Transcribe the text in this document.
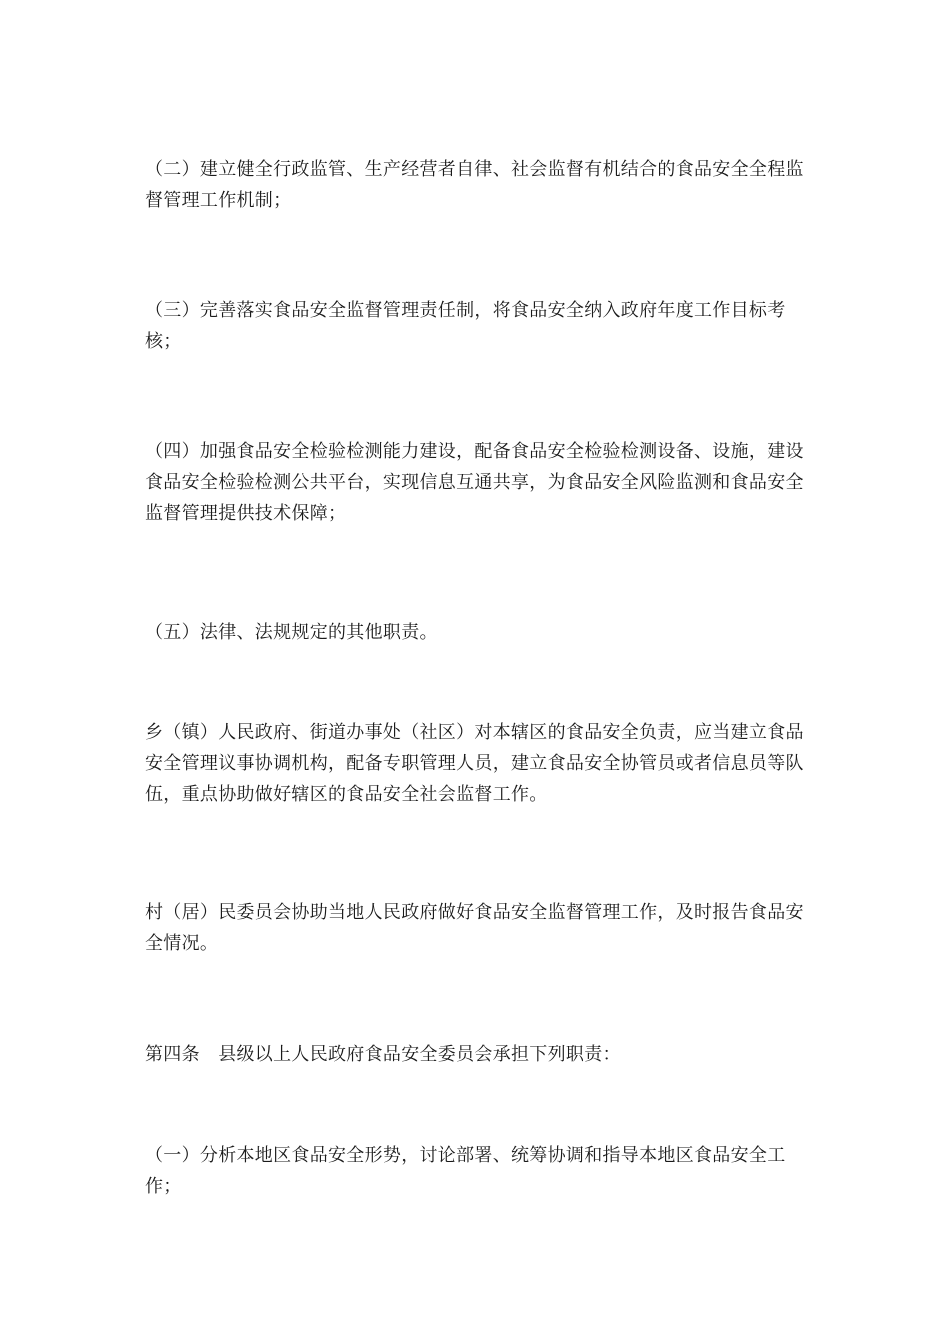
（二）建立健全行政监管、生产经营者自律、社会监督有机结合的食品安全全程监督管理工作机制；

（三）完善落实食品安全监督管理责任制，将食品安全纳入政府年度工作目标考核；

（四）加强食品安全检验检测能力建设，配备食品安全检验检测设备、设施，建设食品安全检验检测公共平台，实现信息互通共享，为食品安全风险监测和食品安全监督管理提供技术保障；

（五）法律、法规规定的其他职责。

乡（镇）人民政府、街道办事处（社区）对本辖区的食品安全负责，应当建立食品安全管理议事协调机构，配备专职管理人员，建立食品安全协管员或者信息员等队伍，重点协助做好辖区的食品安全社会监督工作。

村（居）民委员会协助当地人民政府做好食品安全监督管理工作，及时报告食品安全情况。

第四条　县级以上人民政府食品安全委员会承担下列职责：

（一）分析本地区食品安全形势，讨论部署、统筹协调和指导本地区食品安全工作；
